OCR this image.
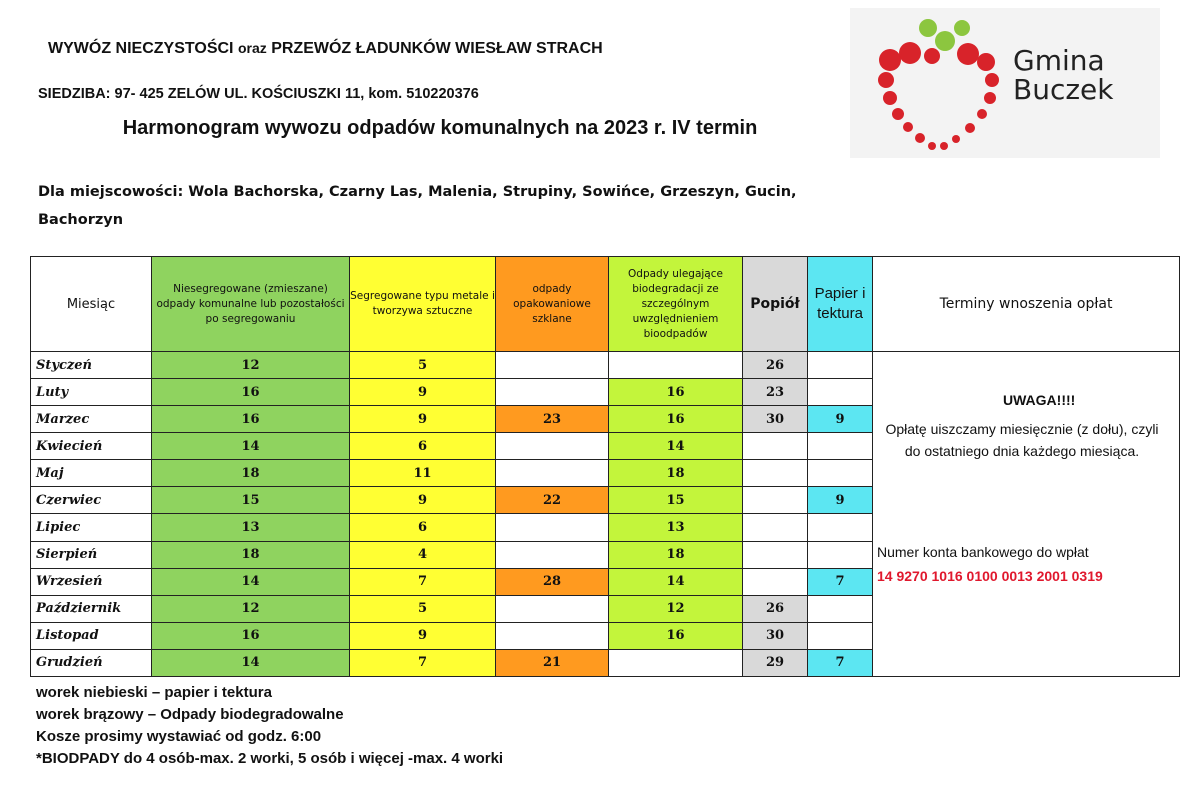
WYWÓZ NIECZYSTOŚCI oraz PRZEWÓZ ŁADUNKÓW WIESŁAW STRACH
SIEDZIBA: 97- 425 ZELÓW UL. KOŚCIUSZKI 11, kom. 510220376
Harmonogram wywozu odpadów komunalnych na 2023 r. IV termin
Dla miejscowości: Wola Bachorska, Czarny Las, Malenia, Strupiny, Sowińce, Grzeszyn, Gucin, Bachorzyn
Gmina
Buczek
Miesiąc	Niesegregowane (zmieszane) odpady komunalne lub pozostałości po segregowaniu	Segregowane typu metale i tworzywa sztuczne	odpady opakowaniowe szklane	Odpady ulegające biodegradacji ze szczególnym uwzględnieniem bioodpadów	Popiół	Papier i tektura	Terminy wnoszenia opłat
Styczeń	12	5			26		UWAGA!!!!
Opłatę uiszczamy miesięcznie (z dołu), czyli do ostatniego dnia każdego miesiąca.
Numer konta bankowego do wpłat
14 9270 1016 0100 0013 2001 0319

Luty	16	9		16	23		
Marzec	16	9	23	16	30	9	
Kwiecień	14	6		14			
Maj	18	11		18			
Czerwiec	15	9	22	15		9	
Lipiec	13	6		13			
Sierpień	18	4		18			
Wrzesień	14	7	28	14		7	
Październik	12	5		12	26		
Listopad	16	9		16	30		
Grudzień	14	7	21		29	7	
worek niebieski – papier i tektura
worek brązowy – Odpady biodegradowalne
Kosze prosimy wystawiać od godz. 6:00
*BIODPADY do 4 osób-max. 2 worki, 5 osób i więcej -max. 4 worki
